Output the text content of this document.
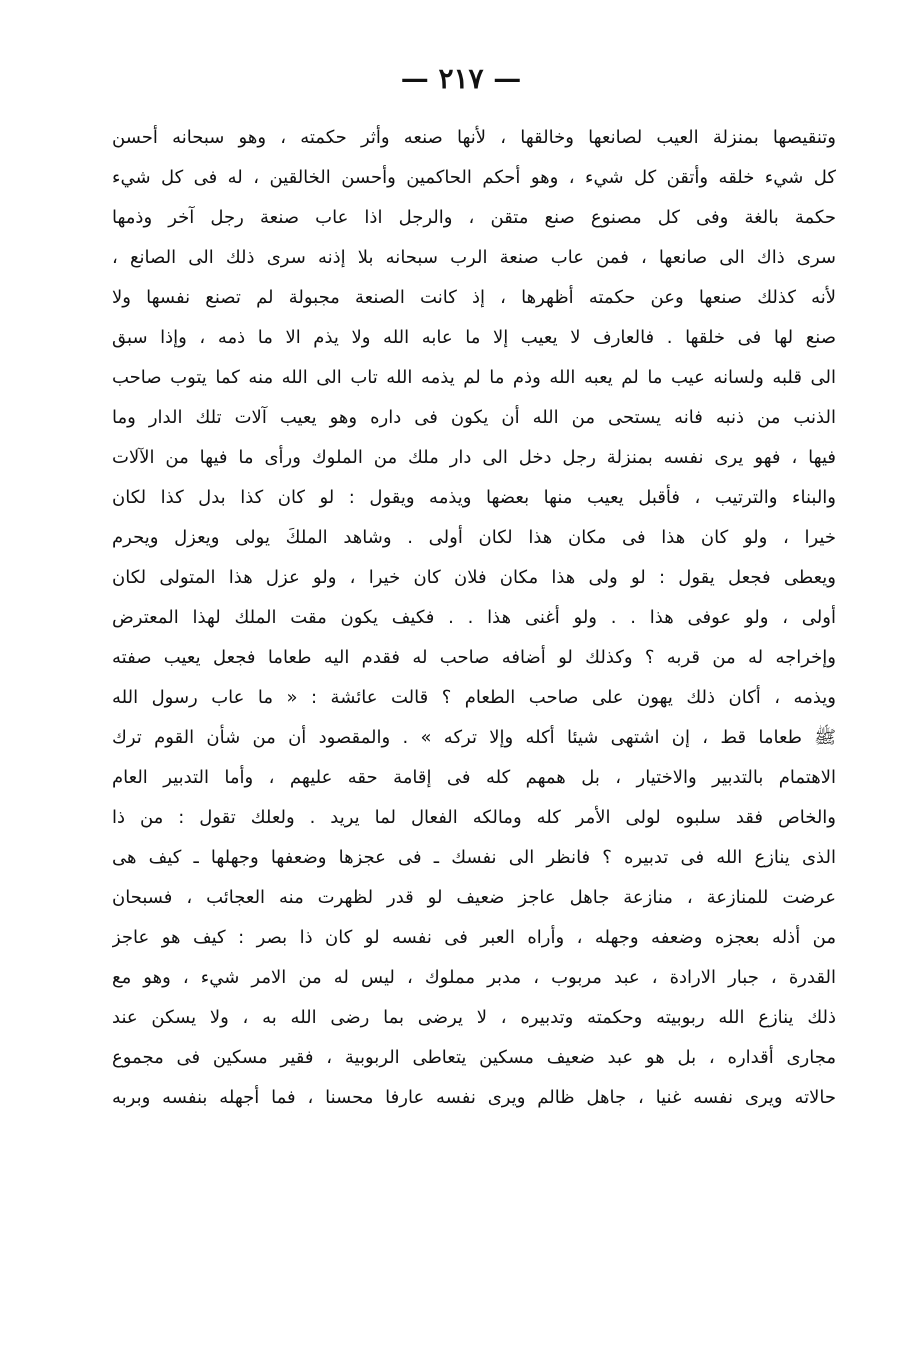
— ٢١٧ —
وتنقيصها بمنزلة العيب لصانعها وخالقها ، لأنها صنعه وأثر حكمته ، وهو سبحانه أحسن
كل شيء خلقه وأتقن كل شيء ، وهو أحكم الحاكمين وأحسن الخالقين ، له فى كل شيء
حكمة بالغة وفى كل مصنوع صنع متقن ، والرجل اذا عاب صنعة رجل آخر وذمها
سرى ذاك الى صانعها ، فمن عاب صنعة الرب سبحانه بلا إذنه سرى ذلك الى الصانع ،
لأنه كذلك صنعها وعن حكمته أظهرها ، إذ كانت الصنعة مجبولة لم تصنع نفسها ولا
صنع لها فى خلقها . فالعارف لا يعيب إلا ما عابه الله ولا يذم الا ما ذمه ، وإذا سبق
الى قلبه ولسانه عيب ما لم يعبه الله وذم ما لم يذمه الله تاب الى الله منه كما يتوب صاحب
الذنب من ذنبه فانه يستحى من الله أن يكون فى داره وهو يعيب آلات تلك الدار وما
فيها ، فهو يرى نفسه بمنزلة رجل دخل الى دار ملك من الملوك ورأى ما فيها من الآلات
والبناء والترتيب ، فأقبل يعيب منها بعضها ويذمه ويقول : لو كان كذا بدل كذا لكان
خيرا ، ولو كان هذا فى مكان هذا لكان أولى . وشاهد الملكَ يولى ويعزل ويحرم
ويعطى فجعل يقول : لو ولى هذا مكان فلان كان خيرا ، ولو عزل هذا المتولى لكان
أولى ، ولو عوفى هذا . . ولو أغنى هذا . . فكيف يكون مقت الملك لهذا المعترض
وإخراجه له من قربه ؟ وكذلك لو أضافه صاحب له فقدم اليه طعاما فجعل يعيب صفته
ويذمه ، أكان ذلك يهون على صاحب الطعام ؟ قالت عائشة : « ما عاب رسول الله
ﷺ طعاما قط ، إن اشتهى شيئا أكله وإلا تركه » . والمقصود أن من شأن القوم ترك
الاهتمام بالتدبير والاختيار ، بل همهم كله فى إقامة حقه عليهم ، وأما التدبير العام
والخاص فقد سلبوه لولى الأمر كله ومالكه الفعال لما يريد . ولعلك تقول : من ذا
الذى ينازع الله فى تدبيره ؟ فانظر الى نفسك ـ فى عجزها وضعفها وجهلها ـ كيف هى
عرضت للمنازعة ، منازعة جاهل عاجز ضعيف لو قدر لظهرت منه العجائب ، فسبحان
من أذله بعجزه وضعفه وجهله ، وأراه العبر فى نفسه لو كان ذا بصر : كيف هو عاجز
القدرة ، جبار الارادة ، عبد مربوب ، مدبر مملوك ، ليس له من الامر شيء ، وهو مع
ذلك ينازع الله ربوبيته وحكمته وتدبيره ، لا يرضى بما رضى الله به ، ولا يسكن عند
مجارى أقداره ، بل هو عبد ضعيف مسكين يتعاطى الربوبية ، فقير مسكين فى مجموع
حالاته ويرى نفسه غنيا ، جاهل ظالم ويرى نفسه عارفا محسنا ، فما أجهله بنفسه وبربه
